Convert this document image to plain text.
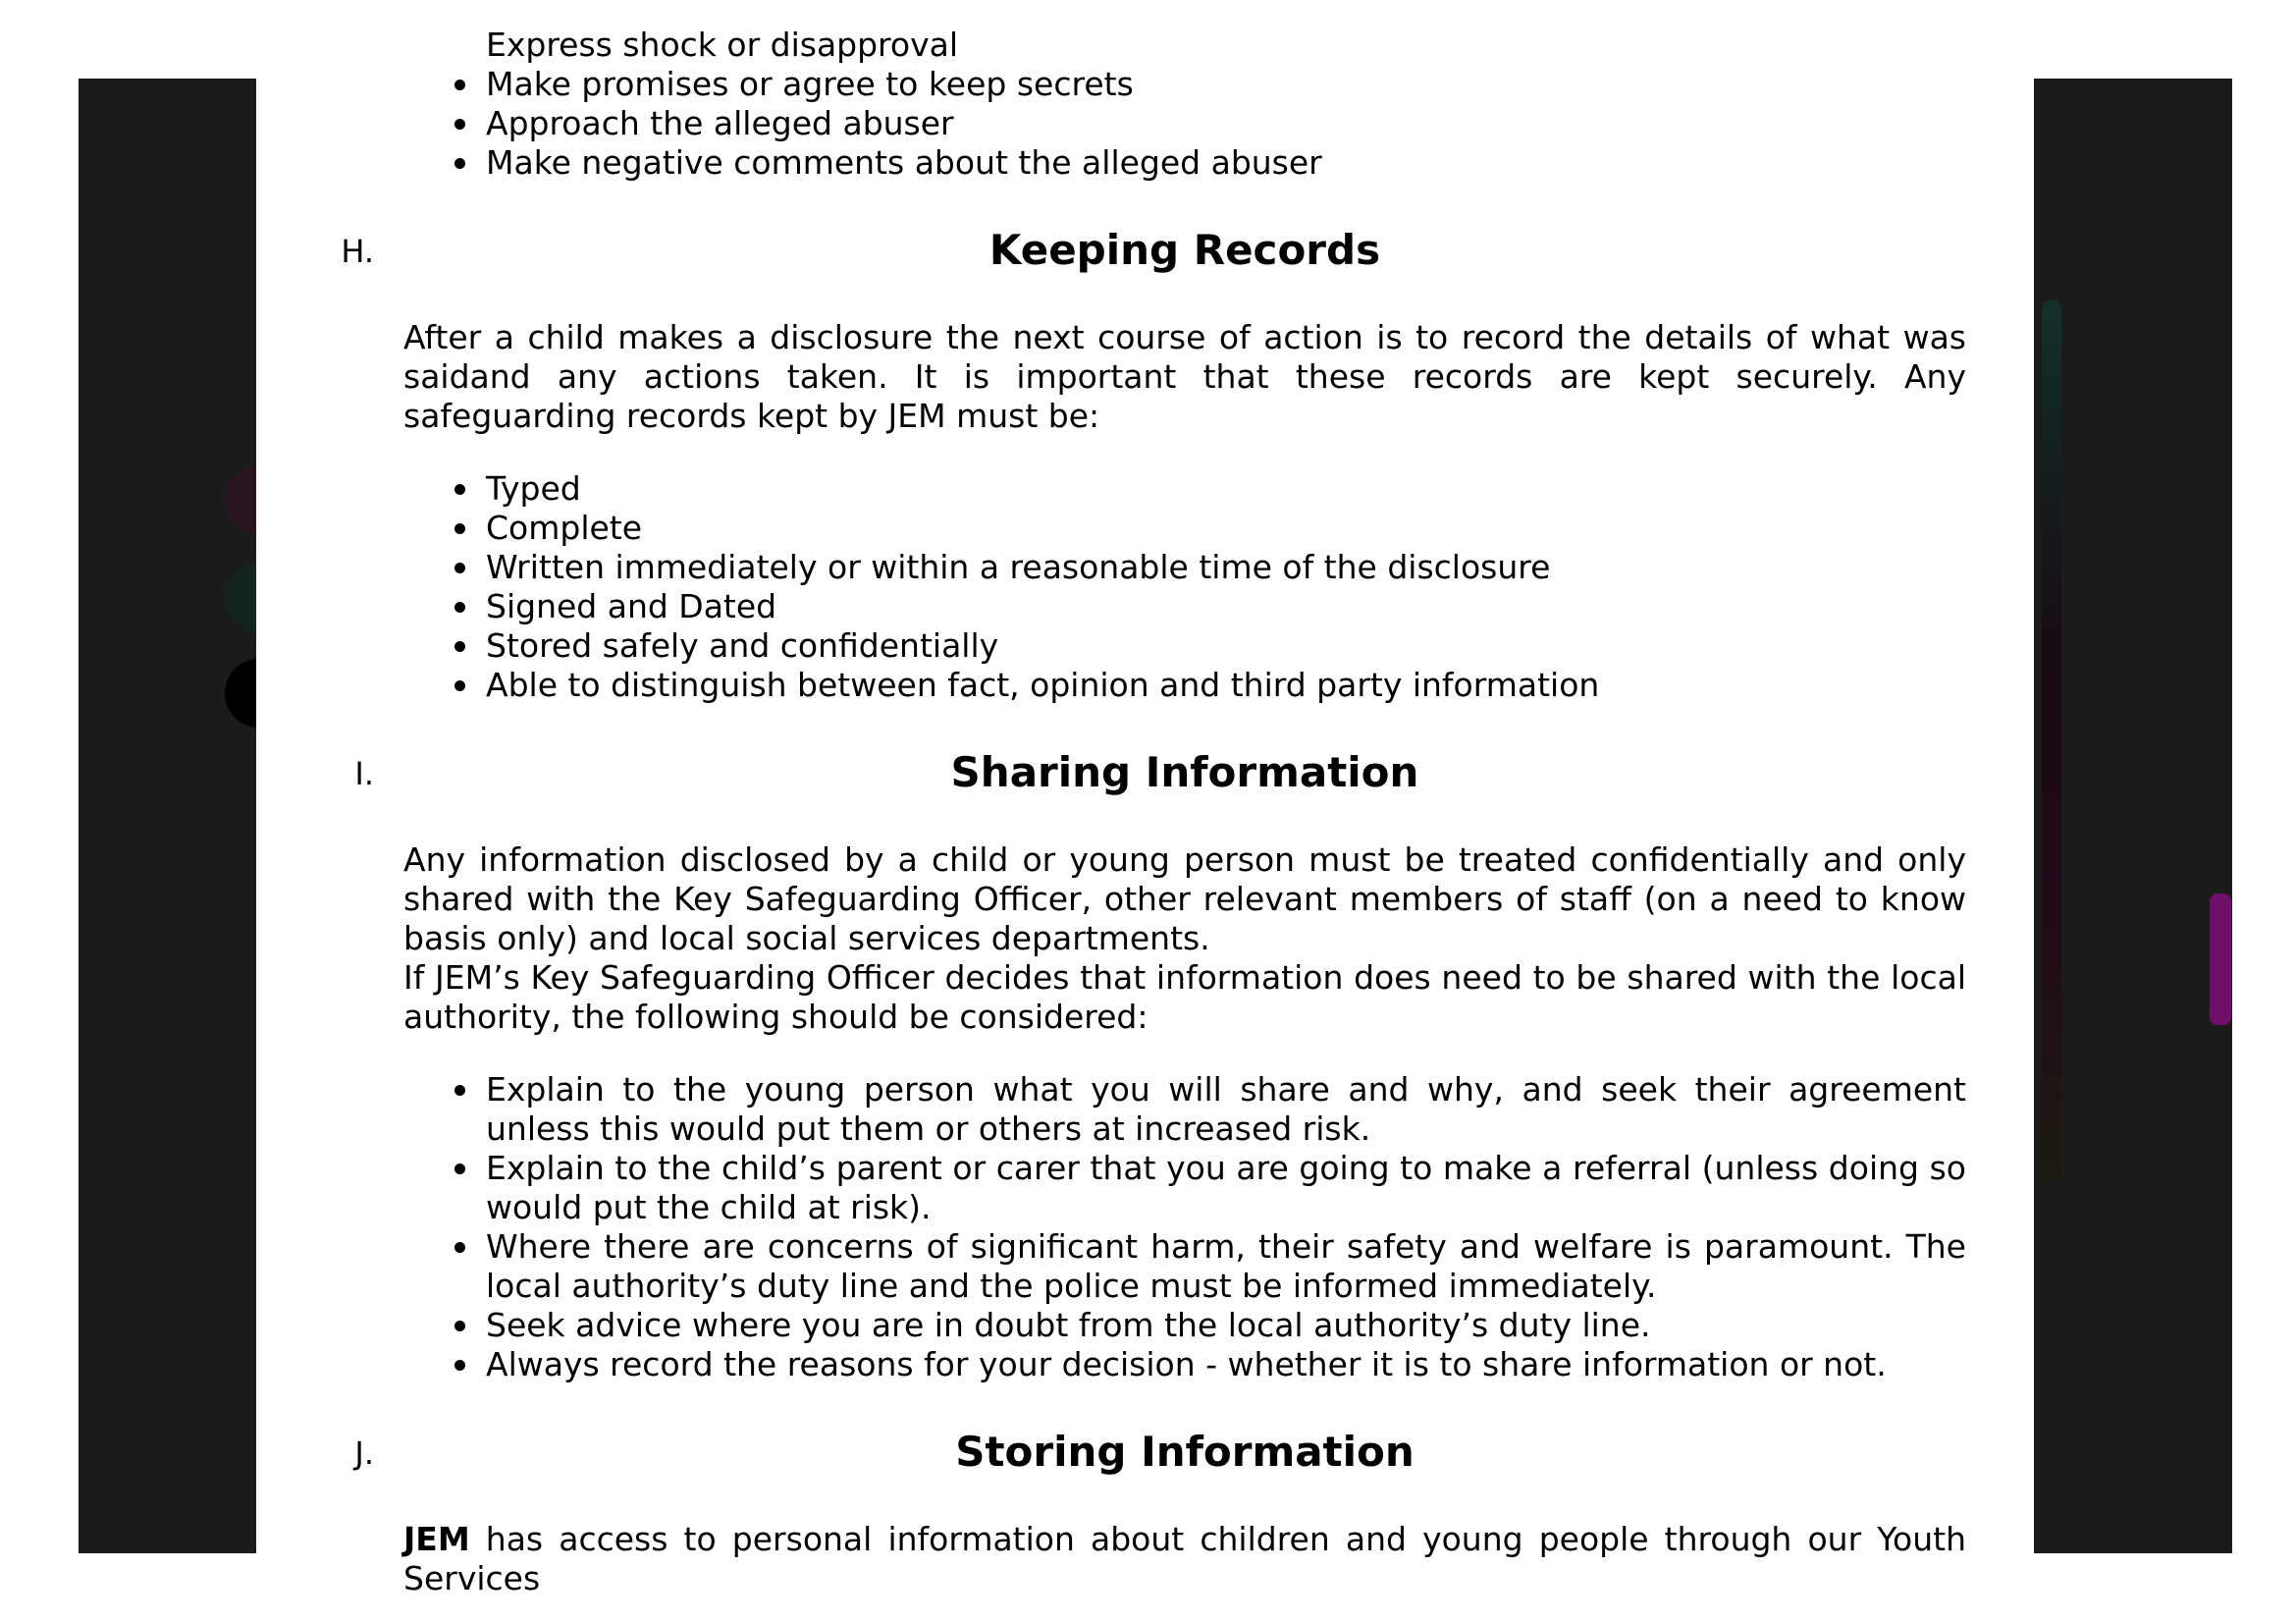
Express shock or disapproval
Make promises or agree to keep secrets
Approach the alleged abuser
Make negative comments about the alleged abuser
H.	Keeping Records

After a child makes a disclosure the next course of action is to record the details of what was saidand any actions taken. It is important that these records are kept securely. Any safeguarding records kept by JEM must be:

Typed
Complete
Written immediately or within a reasonable time of the disclosure
Signed and Dated
Stored safely and confidentially
Able to distinguish between fact, opinion and third party information
I.	Sharing Information

Any information disclosed by a child or young person must be treated confidentially and only shared with the Key Safeguarding Officer, other relevant members of staff (on a need to know basis only) and local social services departments.

If JEM’s Key Safeguarding Officer decides that information does need to be shared with the local authority, the following should be considered:

Explain to the young person what you will share and why, and seek their agreement unless this would put them or others at increased risk.
Explain to the child’s parent or carer that you are going to make a referral (unless doing so would put the child at risk).
Where there are concerns of significant harm, their safety and welfare is paramount. The local authority’s duty line and the police must be informed immediately.
Seek advice where you are in doubt from the local authority’s duty line.
Always record the reasons for your decision - whether it is to share information or not.
J.	Storing Information

JEM has access to personal information about children and young people through our Youth Services
